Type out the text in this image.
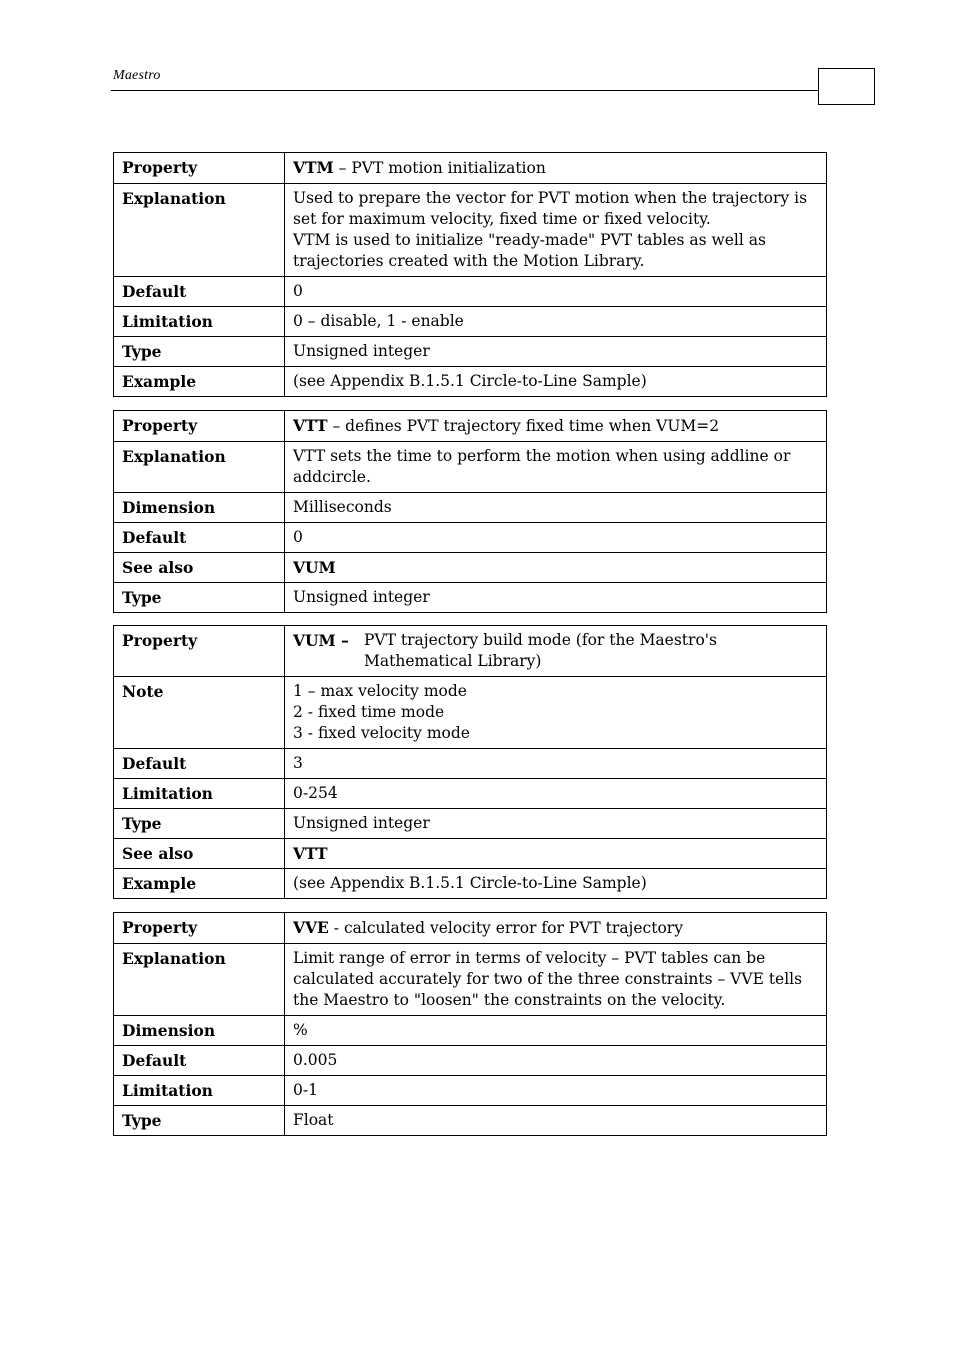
Maestro
Property	VTM – PVT motion initialization
Explanation	Used to prepare the vector for PVT motion when the trajectory is set for maximum velocity, fixed time or fixed velocity.
VTM is used to initialize "ready-made" PVT tables as well as trajectories created with the Motion Library.

Default	0
Limitation	0 – disable, 1 - enable
Type	Unsigned integer
Example	(see Appendix B.1.5.1 Circle-to-Line Sample)
Property	VTT – defines PVT trajectory fixed time when VUM=2
Explanation	VTT sets the time to perform the motion when using addline or addcircle.
Dimension	Milliseconds
Default	0
See also	VUM
Type	Unsigned integer
Property	VUM – PVT trajectory build mode (for the Maestro's Mathematical Library)

Note	1 – max velocity mode
2 - fixed time mode
3 - fixed velocity mode

Default	3
Limitation	0-254
Type	Unsigned integer
See also	VTT
Example	(see Appendix B.1.5.1 Circle-to-Line Sample)
Property	VVE - calculated velocity error for PVT trajectory
Explanation	Limit range of error in terms of velocity – PVT tables can be calculated accurately for two of the three constraints – VVE tells the Maestro to "loosen" the constraints on the velocity.
Dimension	%
Default	0.005
Limitation	0-1
Type	Float
